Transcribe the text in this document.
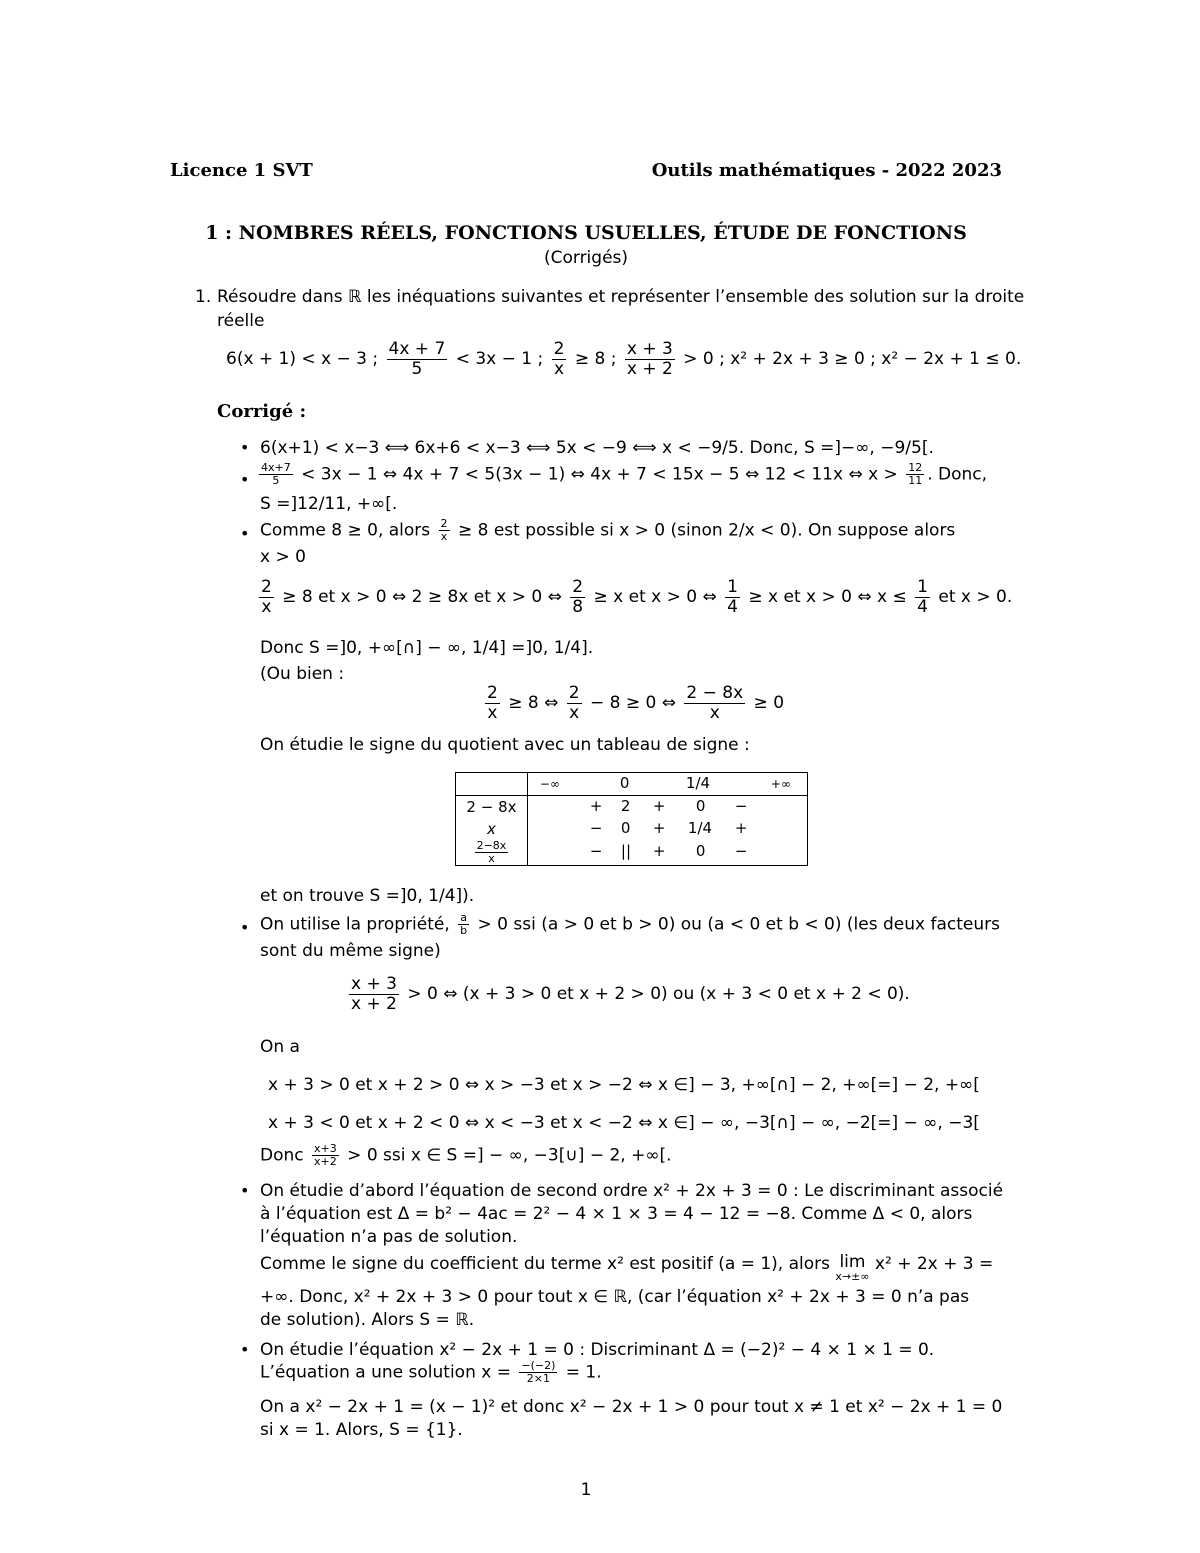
Licence 1 SVT	Outils mathématiques - 2022 2023
1 : NOMBRES RÉELS, FONCTIONS USUELLES, ÉTUDE DE FONCTIONS
(Corrigés)
1. Résoudre dans ℝ les inéquations suivantes et représenter l’ensemble des solution sur la droite
réelle
6(x + 1) < x − 3 ; $\frac{4x + 7}{5} < 3x - 1$ ; $\frac{2}{x} \ge 8$ ; $\frac{x + 3}{x + 2} > 0$ ; x² + 2x + 3 ≥ 0 ; x² − 2x + 1 ≤ 0.
Corrigé :
• 6(x+1) < x−3 ⟺ 6x+6 < x−3 ⟺ 5x < −9 ⟺ x < −9/5. Donc, S =]−∞, −9/5[.
• $\frac{4x+7}{5} < 3x - 1$ ⇔ 4x + 7 < 5(3x − 1) ⇔ 4x + 7 < 15x − 5 ⇔ 12 < 11x ⇔ $x > \frac{12}{11}$ . Donc,
S =]12/11, +∞[.
• Comme 8 ≥ 0, alors $\frac{2}{x} \ge 8$ est possible si x > 0 (sinon 2/x < 0). On suppose alors
x > 0
$\frac{2}{x} \ge 8$ et x > 0 ⇔ 2 ≥ 8x et x > 0 ⇔ $\frac{2}{8} \ge x$ et x > 0 ⇔ $\frac{1}{4} \ge x$ et x > 0 ⇔ $x \le \frac{1}{4}$ et x > 0.
Donc S =]0, +∞[∩] − ∞, 1/4] =]0, 1/4].
(Ou bien :
$\frac{2}{x} \ge 8$ ⇔ $\frac{2}{x} - 8 \ge 0$ ⇔ $\frac{2 - 8x}{x} \ge 0$
On étudie le signe du quotient avec un tableau de signe :

	−∞ 0 1/4 +∞

2 − 8x	+ 2 + 0 −

x	− 0 + 1/4 +

$\frac{2-8x}{x}$	− || + 0 −
et on trouve S =]0, 1/4]).
• On utilise la propriété, $\frac{a}{b} > 0$ ssi (a > 0 et b > 0) ou (a < 0 et b < 0) (les deux facteurs
sont du même signe)
$\frac{x + 3}{x + 2} > 0$ ⇔ (x + 3 > 0 et x + 2 > 0) ou (x + 3 < 0 et x + 2 < 0).
On a
x + 3 > 0 et x + 2 > 0 ⇔ x > −3 et x > −2 ⇔ x ∈] − 3, +∞[∩] − 2, +∞[=] − 2, +∞[
x + 3 < 0 et x + 2 < 0 ⇔ x < −3 et x < −2 ⇔ x ∈] − ∞, −3[∩] − ∞, −2[=] − ∞, −3[
Donc $\frac{x+3}{x+2} > 0$ ssi x ∈ S =] − ∞, −3[∪] − 2, +∞[.
• On étudie d’abord l’équation de second ordre x² + 2x + 3 = 0 : Le discriminant associé
à l’équation est Δ = b² − 4ac = 2² − 4 × 1 × 3 = 4 − 12 = −8. Comme Δ < 0, alors
l’équation n’a pas de solution.
Comme le signe du coefficient du terme x² est positif (a = 1), alors lim
x→±∞
x² + 2x + 3 =
+∞. Donc, x² + 2x + 3 > 0 pour tout x ∈ ℝ, (car l’équation x² + 2x + 3 = 0 n’a pas
de solution). Alors S = ℝ.
• On étudie l’équation x² − 2x + 1 = 0 : Discriminant Δ = (−2)² − 4 × 1 × 1 = 0.
L’équation a une solution $x = \frac{-(-2)}{2\times 1} = 1$.
On a x² − 2x + 1 = (x − 1)² et donc x² − 2x + 1 > 0 pour tout x ≠ 1 et x² − 2x + 1 = 0
si x = 1. Alors, S = {1}.
1
